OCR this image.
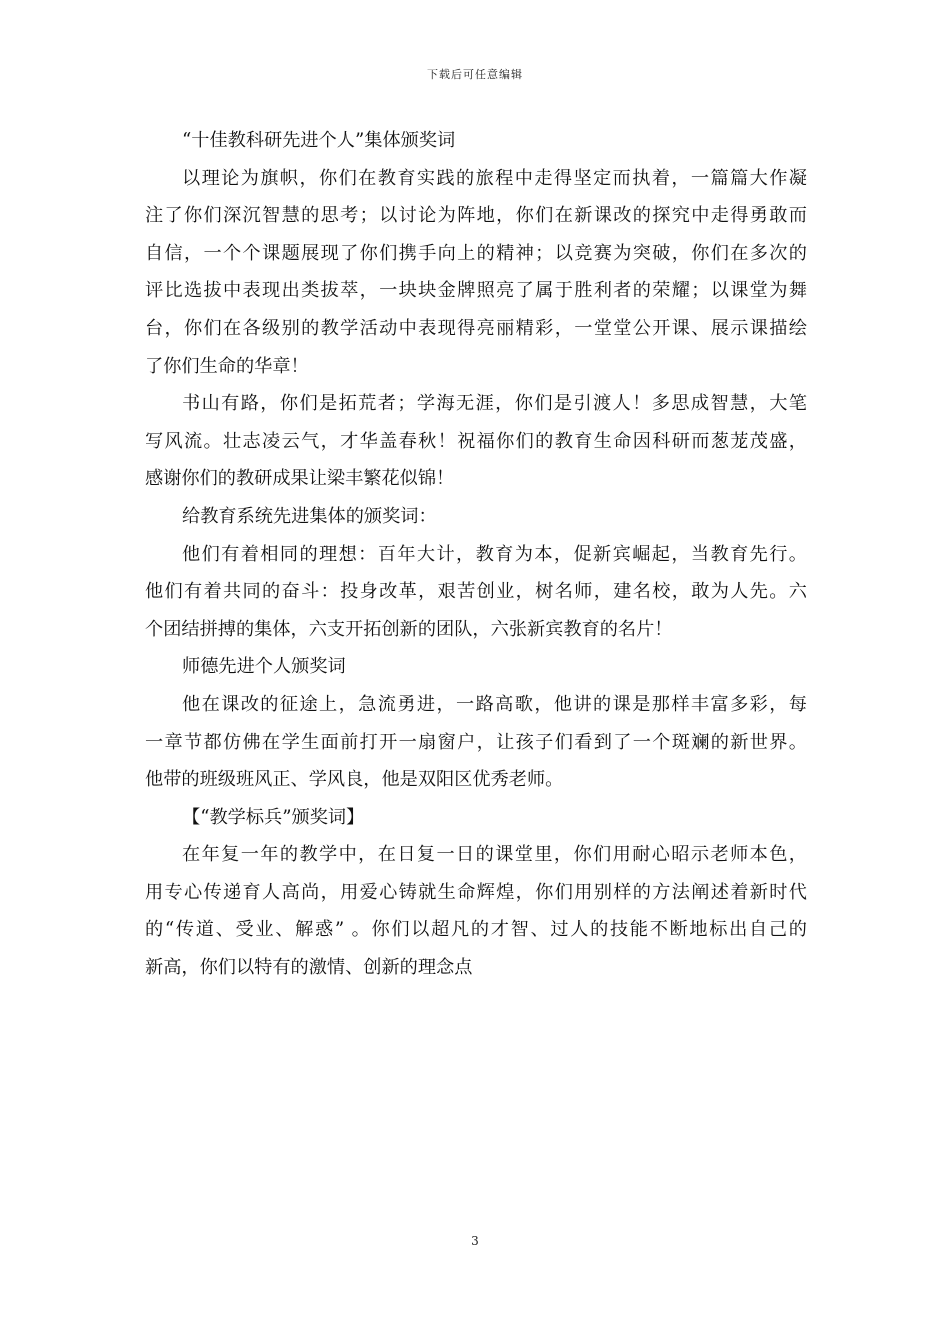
下载后可任意编辑
“十佳教科研先进个人”集体颁奖词
以理论为旗帜，你们在教育实践的旅程中走得坚定而执着，一篇篇大作凝
注了你们深沉智慧的思考；以讨论为阵地，你们在新课改的探究中走得勇敢而
自信，一个个课题展现了你们携手向上的精神；以竞赛为突破，你们在多次的
评比选拔中表现出类拔萃，一块块金牌照亮了属于胜利者的荣耀；以课堂为舞
台，你们在各级别的教学活动中表现得亮丽精彩，一堂堂公开课、展示课描绘
了你们生命的华章！
书山有路，你们是拓荒者；学海无涯，你们是引渡人！多思成智慧，大笔
写风流。壮志凌云气，才华盖春秋！祝福你们的教育生命因科研而葱茏茂盛，
感谢你们的教研成果让梁丰繁花似锦！
给教育系统先进集体的颁奖词：
他们有着相同的理想：百年大计，教育为本，促新宾崛起，当教育先行。
他们有着共同的奋斗：投身改革，艰苦创业，树名师，建名校，敢为人先。六
个团结拼搏的集体，六支开拓创新的团队，六张新宾教育的名片！
师德先进个人颁奖词
他在课改的征途上，急流勇进，一路高歌，他讲的课是那样丰富多彩，每
一章节都仿佛在学生面前打开一扇窗户，让孩子们看到了一个斑斓的新世界。
他带的班级班风正、学风良，他是双阳区优秀老师。
【“教学标兵”颁奖词】
在年复一年的教学中，在日复一日的课堂里，你们用耐心昭示老师本色，
用专心传递育人高尚，用爱心铸就生命辉煌，你们用别样的方法阐述着新时代
的“传道、受业、解惑” 。你们以超凡的才智、过人的技能不断地标出自己的
新高，你们以特有的激情、创新的理念点
3
